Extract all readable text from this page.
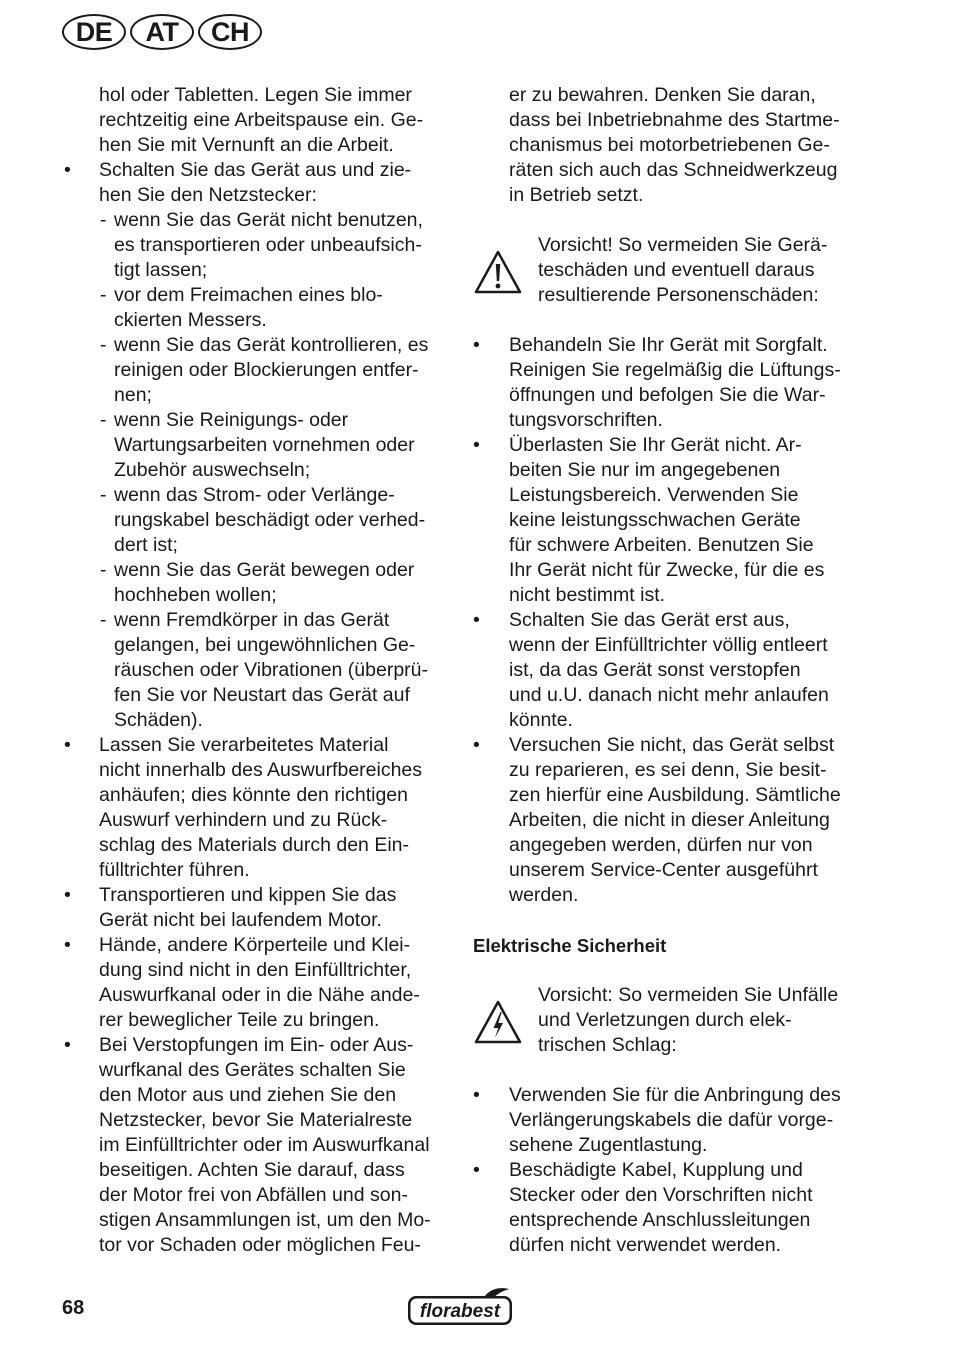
DE	AT	CH
hol oder Tabletten. Legen Sie immer
rechtzeitig eine Arbeitspause ein. Ge-
hen Sie mit Vernunft an die Arbeit.
• Schalten Sie das Gerät aus und zie-
hen Sie den Netzstecker:
- wenn Sie das Gerät nicht benutzen,
es transportieren oder unbeaufsich-
tigt lassen;
- vor dem Freimachen eines blo-
ckierten Messers.
- wenn Sie das Gerät kontrollieren, es
reinigen oder Blockierungen entfer-
nen;
- wenn Sie Reinigungs- oder
Wartungsarbeiten vornehmen oder
Zubehör auswechseln;
- wenn das Strom- oder Verlänge-
rungskabel beschädigt oder verhed-
dert ist;
- wenn Sie das Gerät bewegen oder
hochheben wollen;
- wenn Fremdkörper in das Gerät
gelangen, bei ungewöhnlichen Ge-
räuschen oder Vibrationen (überprü-
fen Sie vor Neustart das Gerät auf
Schäden).
• Lassen Sie verarbeitetes Material
nicht innerhalb des Auswurfbereiches
anhäufen; dies könnte den richtigen
Auswurf verhindern und zu Rück-
schlag des Materials durch den Ein-
fülltrichter führen.
• Transportieren und kippen Sie das
Gerät nicht bei laufendem Motor.
• Hände, andere Körperteile und Klei-
dung sind nicht in den Einfülltrichter,
Auswurfkanal oder in die Nähe ande-
rer beweglicher Teile zu bringen.
• Bei Verstopfungen im Ein- oder Aus-
wurfkanal des Gerätes schalten Sie
den Motor aus und ziehen Sie den
Netzstecker, bevor Sie Materialreste
im Einfülltrichter oder im Auswurfkanal
beseitigen. Achten Sie darauf, dass
der Motor frei von Abfällen und son-
stigen Ansammlungen ist, um den Mo-
tor vor Schaden oder möglichen Feu-
er zu bewahren. Denken Sie daran,
dass bei Inbetriebnahme des Startme-
chanismus bei motorbetriebenen Ge-
räten sich auch das Schneidwerkzeug
in Betrieb setzt.
Vorsicht! So vermeiden Sie Gerä-
teschäden und eventuell daraus
resultierende Personenschäden:
• Behandeln Sie Ihr Gerät mit Sorgfalt.
Reinigen Sie regelmäßig die Lüftungs-
öffnungen und befolgen Sie die War-
tungsvorschriften.
• Überlasten Sie Ihr Gerät nicht. Ar-
beiten Sie nur im angegebenen
Leistungsbereich. Verwenden Sie
keine leistungsschwachen Geräte
für schwere Arbeiten. Benutzen Sie
Ihr Gerät nicht für Zwecke, für die es
nicht bestimmt ist.
• Schalten Sie das Gerät erst aus,
wenn der Einfülltrichter völlig entleert
ist, da das Gerät sonst verstopfen
und u.U. danach nicht mehr anlaufen
könnte.
• Versuchen Sie nicht, das Gerät selbst
zu reparieren, es sei denn, Sie besit-
zen hierfür eine Ausbildung. Sämtliche
Arbeiten, die nicht in dieser Anleitung
angegeben werden, dürfen nur von
unserem Service-Center ausgeführt
werden.
Elektrische Sicherheit
Vorsicht: So vermeiden Sie Unfälle
und Verletzungen durch elek-
trischen Schlag:
• Verwenden Sie für die Anbringung des
Verlängerungskabels die dafür vorge-
sehene Zugentlastung.
• Beschädigte Kabel, Kupplung und
Stecker oder den Vorschriften nicht
entsprechende Anschlussleitungen
dürfen nicht verwendet werden.
68	florabest
